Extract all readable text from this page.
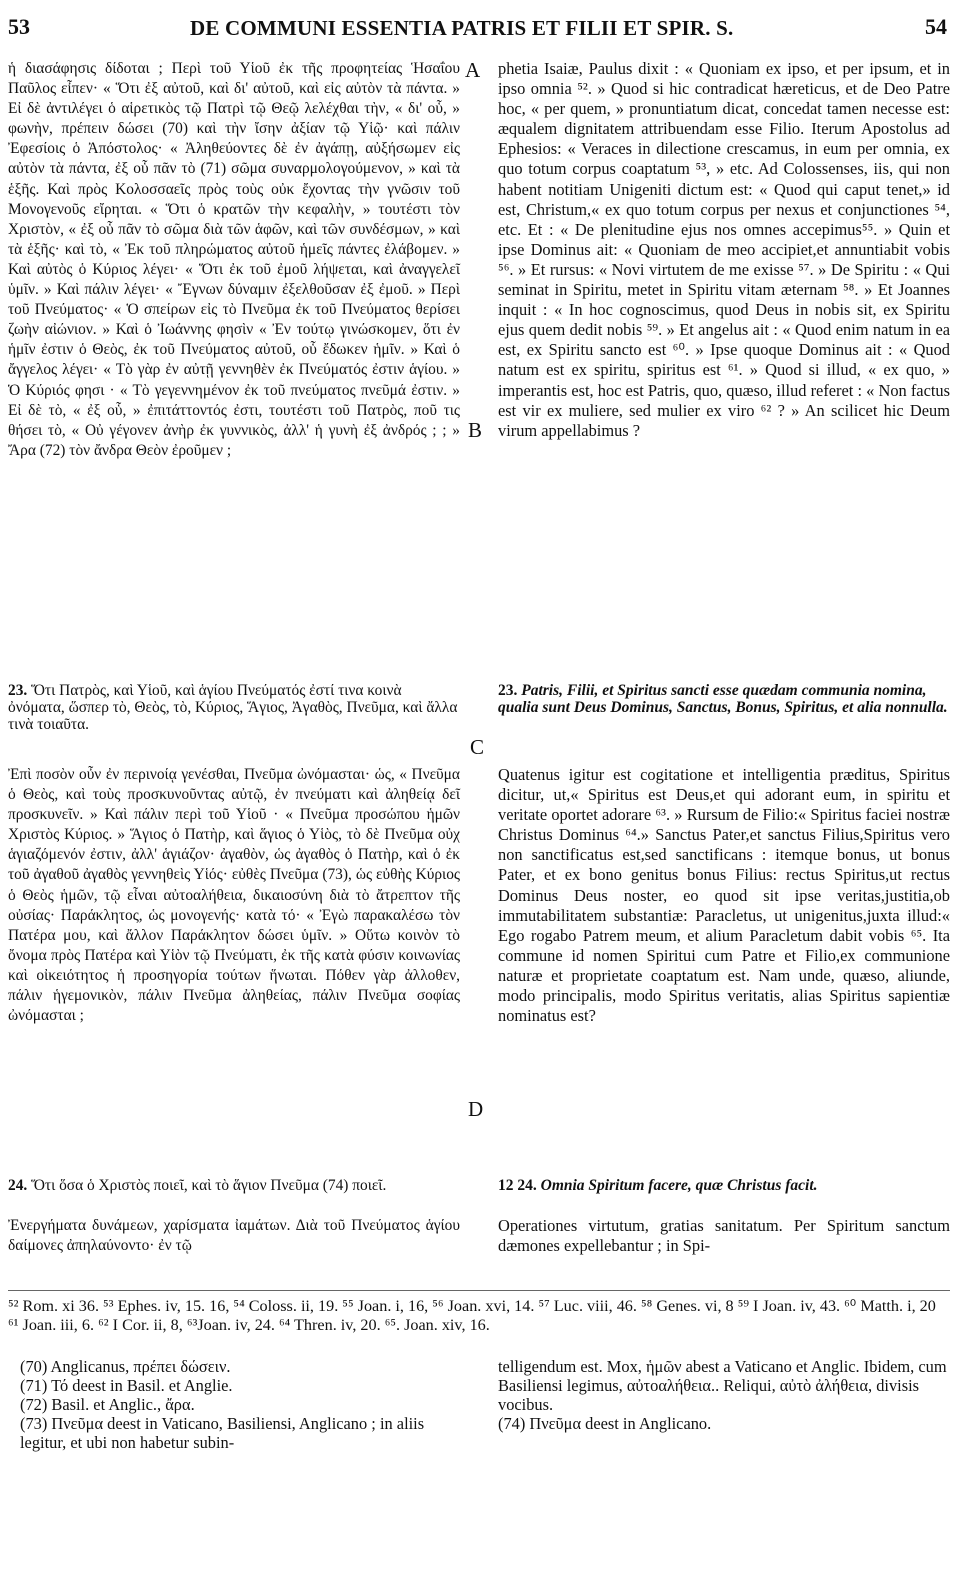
53	DE COMMUNI ESSENTIA PATRIS ET FILII ET SPIR. S.	54
A
B
C
D

ἡ διασάφησις δίδοται ; Περὶ τοῦ Υἱοῦ ἐκ τῆς προφητείας Ἡσαΐου Παῦλος εἶπεν· « Ὅτι ἐξ αὐτοῦ, καὶ δι' αὐτοῦ, καὶ εἰς αὐτὸν τὰ πάντα. » Εἰ δὲ ἀντιλέγει ὁ αἱρετικὸς τῷ Πατρὶ τῷ Θεῷ λελέχθαι τὴν, « δι' οὗ, » φωνὴν, πρέπειν δώσει (70) καὶ τὴν ἴσην ἀξίαν τῷ Υἱῷ· καὶ πάλιν Ἐφεσίοις ὁ Ἀπόστολος· « Ἀληθεύοντες δὲ ἐν ἀγάπῃ, αὐξήσωμεν εἰς αὐτὸν τὰ πάντα, ἐξ οὗ πᾶν τὸ (71) σῶμα συναρμολογούμενον, » καὶ τὰ ἑξῆς. Καὶ πρὸς Κολοσσαεῖς πρὸς τοὺς οὐκ ἔχοντας τὴν γνῶσιν τοῦ Μονογενοῦς εἴρηται. « Ὅτι ὁ κρατῶν τὴν κεφαλὴν, » τουτέστι τὸν Χριστὸν, « ἐξ οὗ πᾶν τὸ σῶμα διὰ τῶν ἁφῶν, καὶ τῶν συνδέσμων, » καὶ τὰ ἑξῆς· καὶ τὸ, « Ἐκ τοῦ πληρώματος αὐτοῦ ἡμεῖς πάντες ἐλάβομεν. » Καὶ αὐτὸς ὁ Κύριος λέγει· « Ὅτι ἐκ τοῦ ἐμοῦ λήψεται, καὶ ἀναγγελεῖ ὑμῖν. » Καὶ πάλιν λέγει· « Ἔγνων δύναμιν ἐξελθοῦσαν ἐξ ἐμοῦ. » Περὶ τοῦ Πνεύματος· « Ὁ σπείρων εἰς τὸ Πνεῦμα ἐκ τοῦ Πνεύματος θερίσει ζωὴν αἰώνιον. » Καὶ ὁ Ἰωάννης φησὶν « Ἐν τούτῳ γινώσκομεν, ὅτι ἐν ἡμῖν ἐστιν ὁ Θεὸς, ἐκ τοῦ Πνεύματος αὐτοῦ, οὗ ἔδωκεν ἡμῖν. » Καὶ ὁ ἄγγελος λέγει· « Τὸ γὰρ ἐν αὐτῇ γεννηθὲν ἐκ Πνεύματός ἐστιν ἁγίου. » Ὁ Κύριός φησι · « Τὸ γεγεννημένον ἐκ τοῦ πνεύματος πνεῦμά ἐστιν. » Εἰ δὲ τὸ, « ἐξ οὗ, » ἐπιτάττοντός ἐστι, τουτέστι τοῦ Πατρὸς, ποῦ τις θήσει τὸ, « Οὐ γέγονεν ἀνὴρ ἐκ γυννικὸς, ἀλλ' ἡ γυνὴ ἐξ ἀνδρός ; ; » Ἄρα (72) τὸν ἄνδρα Θεὸν ἐροῦμεν ;

phetia Isaiæ, Paulus dixit : « Quoniam ex ipso, et per ipsum, et in ipso omnia ⁵². » Quod si hic contradicat hæreticus, et de Deo Patre hoc, « per quem, » pronuntiatum dicat, concedat tamen necesse est: æqualem dignitatem attribuendam esse Filio. Iterum Apostolus ad Ephesios: « Veraces in dilectione crescamus, in eum per omnia, ex quo totum corpus coaptatum ⁵³, » etc. Ad Colossenses, iis, qui non habent notitiam Unigeniti dictum est: « Quod qui caput tenet,» id est, Christum,« ex quo totum corpus per nexus et conjunctiones ⁵⁴, etc. Et : « De plenitudine ejus nos omnes accepimus⁵⁵. » Quin et ipse Dominus ait: « Quoniam de meo accipiet,et annuntiabit vobis ⁵⁶. » Et rursus: « Novi virtutem de me exisse ⁵⁷. » De Spiritu : « Qui seminat in Spiritu, metet in Spiritu vitam æternam ⁵⁸. » Et Joannes inquit : « In hoc cognoscimus, quod Deus in nobis sit, ex Spiritu ejus quem dedit nobis ⁵⁹. » Et angelus ait : « Quod enim natum in ea est, ex Spiritu sancto est ⁶⁰. » Ipse quoque Dominus ait : « Quod natum est ex spiritu, spiritus est ⁶¹. » Quod si illud, « ex quo, » imperantis est, hoc est Patris, quo, quæso, illud referet : « Non factus est vir ex muliere, sed mulier ex viro ⁶² ? » An scilicet hic Deum virum appellabimus ?

23. Ὅτι Πατρὸς, καὶ Υἱοῦ, καὶ ἁγίου Πνεύματός ἐστί τινα κοινὰ ὀνόματα, ὥσπερ τὸ, Θεὸς, τὸ, Κύριος, Ἅγιος, Ἀγαθὸς, Πνεῦμα, καὶ ἄλλα τινὰ τοιαῦτα.
23. Patris, Filii, et Spiritus sancti esse quædam communia nomina, qualia sunt Deus Dominus, Sanctus, Bonus, Spiritus, et alia nonnulla.

Ἐπὶ ποσὸν οὖν ἐν περινοίᾳ γενέσθαι, Πνεῦμα ὠνόμασται· ὡς, « Πνεῦμα ὁ Θεὸς, καὶ τοὺς προσκυνοῦντας αὐτῷ, ἐν πνεύματι καὶ ἀληθείᾳ δεῖ προσκυνεῖν. » Καὶ πάλιν περὶ τοῦ Υἱοῦ · « Πνεῦμα προσώπου ἡμῶν Χριστὸς Κύριος. » Ἅγιος ὁ Πατὴρ, καὶ ἅγιος ὁ Υἱὸς, τὸ δὲ Πνεῦμα οὐχ ἁγιαζόμενόν ἐστιν, ἀλλ' ἁγιάζον· ἀγαθὸν, ὡς ἀγαθὸς ὁ Πατὴρ, καὶ ὁ ἐκ τοῦ ἀγαθοῦ ἀγαθὸς γεννηθεὶς Υἱός· εὐθὲς Πνεῦμα (73), ὡς εὐθὴς Κύριος ὁ Θεὸς ἡμῶν, τῷ εἶναι αὐτοαλήθεια, δικαιοσύνη διὰ τὸ ἄτρεπτον τῆς οὐσίας· Παράκλητος, ὡς μονογενής· κατὰ τό· « Ἐγὼ παρακαλέσω τὸν Πατέρα μου, καὶ ἄλλον Παράκλητον δώσει ὑμῖν. » Οὕτω κοινὸν τὸ ὄνομα πρὸς Πατέρα καὶ Υἱὸν τῷ Πνεύματι, ἐκ τῆς κατὰ φύσιν κοινωνίας καὶ οἰκειότητος ἡ προσηγορία τούτων ἥνωται. Πόθεν γὰρ ἀλλοθεν, πάλιν ἡγεμονικὸν, πάλιν Πνεῦμα ἀληθείας, πάλιν Πνεῦμα σοφίας ὠνόμασται ;

Quatenus igitur est cogitatione et intelligentia præditus, Spiritus dicitur, ut,« Spiritus est Deus,et qui adorant eum, in spiritu et veritate oportet adorare ⁶³. » Rursum de Filio:« Spiritus faciei nostræ Christus Dominus ⁶⁴.» Sanctus Pater,et sanctus Filius,Spiritus vero non sanctificatus est,sed sanctificans : itemque bonus, ut bonus Pater, et ex bono genitus bonus Filius: rectus Spiritus,ut rectus Dominus Deus noster, eo quod sit ipse veritas,justitia,ob immutabilitatem substantiæ: Paracletus, ut unigenitus,juxta illud:« Ego rogabo Patrem meum, et alium Paracletum dabit vobis ⁶⁵. Ita commune id nomen Spiritui cum Patre et Filio,ex communione naturæ et proprietate coaptatum est. Nam unde, quæso, aliunde, modo principalis, modo Spiritus veritatis, alias Spiritus sapientiæ nominatus est?

24. Ὅτι ὅσα ὁ Χριστὸς ποιεῖ, καὶ τὸ ἅγιον Πνεῦμα (74) ποιεῖ.	12 24. Omnia Spiritum facere, quæ Christus facit.

Ἐνεργήματα δυνάμεων, χαρίσματα ἰαμάτων. Διὰ τοῦ Πνεύματος ἁγίου δαίμονες ἀπηλαύνοντο· ἐν τῷ

Operationes virtutum, gratias sanitatum. Per Spiritum sanctum dæmones expellebantur ; in Spi-

⁵² Rom. xi 36. ⁵³ Ephes. iv, 15. 16, ⁵⁴ Coloss. ii, 19. ⁵⁵ Joan. i, 16, ⁵⁶ Joan. xvi, 14. ⁵⁷ Luc. viii, 46. ⁵⁸ Genes. vi, 8 ⁵⁹ I Joan. iv, 43. ⁶⁰ Matth. i, 20 ⁶¹ Joan. iii, 6. ⁶² I Cor. ii, 8, ⁶³Joan. iv, 24. ⁶⁴ Thren. iv, 20. ⁶⁵. Joan. xiv, 16.

(70) Anglicanus, πρέπει δώσειν.

(71) Τό deest in Basil. et Anglie.

(72) Basil. et Anglic., ἄρα.

(73) Πνεῦμα deest in Vaticano, Basiliensi, Anglicano ; in aliis legitur, et ubi non habetur subin-

telligendum est. Mox, ἡμῶν abest a Vaticano et Anglic. Ibidem, cum Basiliensi legimus, αὐτοαλήθεια.. Reliqui, αὐτὸ ἀλήθεια, divisis vocibus.

(74) Πνεῦμα deest in Anglicano.
